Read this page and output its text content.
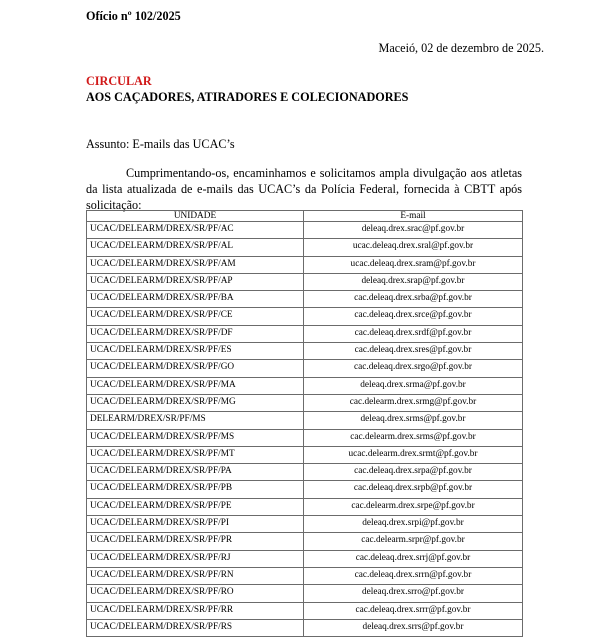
Ofício nº 102/2025
Maceió, 02 de dezembro de 2025.
CIRCULAR
AOS CAÇADORES, ATIRADORES E COLECIONADORES
Assunto: E-mails das UCAC’s
Cumprimentando-os, encaminhamos e solicitamos ampla divulgação aos atletas da lista atualizada de e-mails das UCAC’s da Polícia Federal, fornecida à CBTT após solicitação:
UNIDADE	E-mail
UCAC/DELEARM/DREX/SR/PF/AC	deleaq.drex.srac@pf.gov.br
UCAC/DELEARM/DREX/SR/PF/AL	ucac.deleaq.drex.sral@pf.gov.br
UCAC/DELEARM/DREX/SR/PF/AM	ucac.deleaq.drex.sram@pf.gov.br
UCAC/DELEARM/DREX/SR/PF/AP	deleaq.drex.srap@pf.gov.br
UCAC/DELEARM/DREX/SR/PF/BA	cac.deleaq.drex.srba@pf.gov.br
UCAC/DELEARM/DREX/SR/PF/CE	cac.deleaq.drex.srce@pf.gov.br
UCAC/DELEARM/DREX/SR/PF/DF	cac.deleaq.drex.srdf@pf.gov.br
UCAC/DELEARM/DREX/SR/PF/ES	cac.deleaq.drex.sres@pf.gov.br
UCAC/DELEARM/DREX/SR/PF/GO	cac.deleaq.drex.srgo@pf.gov.br
UCAC/DELEARM/DREX/SR/PF/MA	deleaq.drex.srma@pf.gov.br
UCAC/DELEARM/DREX/SR/PF/MG	cac.delearm.drex.srmg@pf.gov.br
DELEARM/DREX/SR/PF/MS	deleaq.drex.srms@pf.gov.br
UCAC/DELEARM/DREX/SR/PF/MS	cac.delearm.drex.srms@pf.gov.br
UCAC/DELEARM/DREX/SR/PF/MT	ucac.delearm.drex.srmt@pf.gov.br
UCAC/DELEARM/DREX/SR/PF/PA	cac.deleaq.drex.srpa@pf.gov.br
UCAC/DELEARM/DREX/SR/PF/PB	cac.deleaq.drex.srpb@pf.gov.br
UCAC/DELEARM/DREX/SR/PF/PE	cac.delearm.drex.srpe@pf.gov.br
UCAC/DELEARM/DREX/SR/PF/PI	deleaq.drex.srpi@pf.gov.br
UCAC/DELEARM/DREX/SR/PF/PR	cac.delearm.srpr@pf.gov.br
UCAC/DELEARM/DREX/SR/PF/RJ	cac.deleaq.drex.srrj@pf.gov.br
UCAC/DELEARM/DREX/SR/PF/RN	cac.deleaq.drex.srrn@pf.gov.br
UCAC/DELEARM/DREX/SR/PF/RO	deleaq.drex.srro@pf.gov.br
UCAC/DELEARM/DREX/SR/PF/RR	cac.deleaq.drex.srrr@pf.gov.br
UCAC/DELEARM/DREX/SR/PF/RS	deleaq.drex.srrs@pf.gov.br
